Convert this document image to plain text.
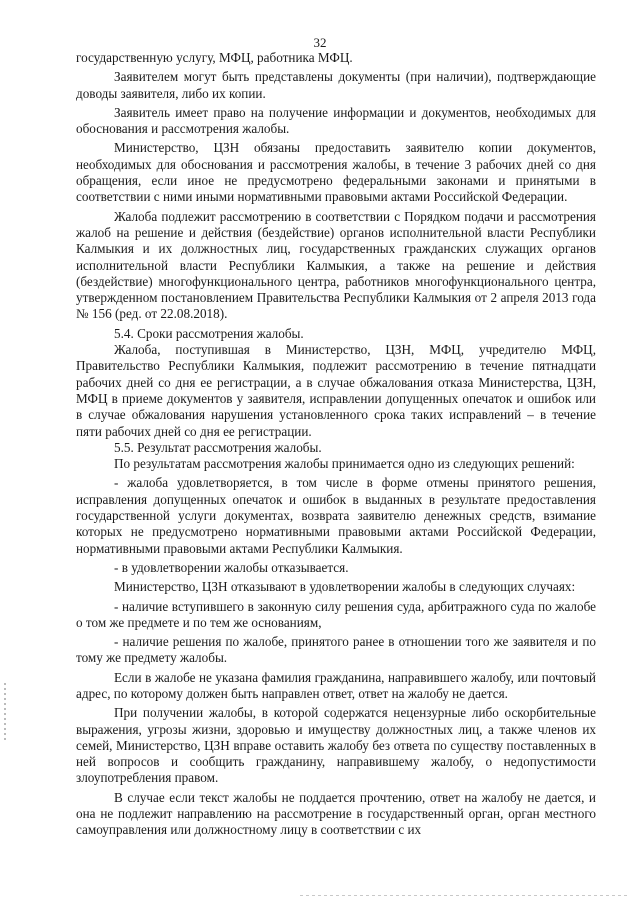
32

государственную услугу, МФЦ, работника МФЦ.

Заявителем могут быть представлены документы (при наличии), подтверждающие доводы заявителя, либо их копии.

Заявитель имеет право на получение информации и документов, необходимых для обоснования и рассмотрения жалобы.

Министерство, ЦЗН обязаны предоставить заявителю копии документов, необходимых для обоснования и рассмотрения жалобы, в течение 3 рабочих дней со дня обращения, если иное не предусмотрено федеральными законами и принятыми в соответствии с ними иными нормативными правовыми актами Российской Федерации.

Жалоба подлежит рассмотрению в соответствии с Порядком подачи и рассмотрения жалоб на решение и действия (бездействие) органов исполнительной власти Республики Калмыкия и их должностных лиц, государственных гражданских служащих органов исполнительной власти Республики Калмыкия, а также на решение и действия (бездействие) многофункционального центра, работников многофункционального центра, утвержденном постановлением Правительства Республики Калмыкия от 2 апреля 2013 года № 156 (ред. от 22.08.2018).

5.4. Сроки рассмотрения жалобы.

Жалоба, поступившая в Министерство, ЦЗН, МФЦ, учредителю МФЦ, Правительство Республики Калмыкия, подлежит рассмотрению в течение пятнадцати рабочих дней со дня ее регистрации, а в случае обжалования отказа Министерства, ЦЗН, МФЦ в приеме документов у заявителя, исправлении допущенных опечаток и ошибок или в случае обжалования нарушения установленного срока таких исправлений – в течение пяти рабочих дней со дня ее регистрации.

5.5. Результат рассмотрения жалобы.

По результатам рассмотрения жалобы принимается одно из следующих решений:

- жалоба удовлетворяется, в том числе в форме отмены принятого решения, исправления допущенных опечаток и ошибок в выданных в результате предоставления государственной услуги документах, возврата заявителю денежных средств, взимание которых не предусмотрено нормативными правовыми актами Российской Федерации, нормативными правовыми актами Республики Калмыкия.

- в удовлетворении жалобы отказывается.

Министерство, ЦЗН отказывают в удовлетворении жалобы в следующих случаях:

- наличие вступившего в законную силу решения суда, арбитражного суда по жалобе о том же предмете и по тем же основаниям,

- наличие решения по жалобе, принятого ранее в отношении того же заявителя и по тому же предмету жалобы.

Если в жалобе не указана фамилия гражданина, направившего жалобу, или почтовый адрес, по которому должен быть направлен ответ, ответ на жалобу не дается.

При получении жалобы, в которой содержатся нецензурные либо оскорбительные выражения, угрозы жизни, здоровью и имуществу должностных лиц, а также членов их семей, Министерство, ЦЗН вправе оставить жалобу без ответа по существу поставленных в ней вопросов и сообщить гражданину, направившему жалобу, о недопустимости злоупотребления правом.

В случае если текст жалобы не поддается прочтению, ответ на жалобу не дается, и она не подлежит направлению на рассмотрение в государственный орган, орган местного самоуправления или должностному лицу в соответствии с их
